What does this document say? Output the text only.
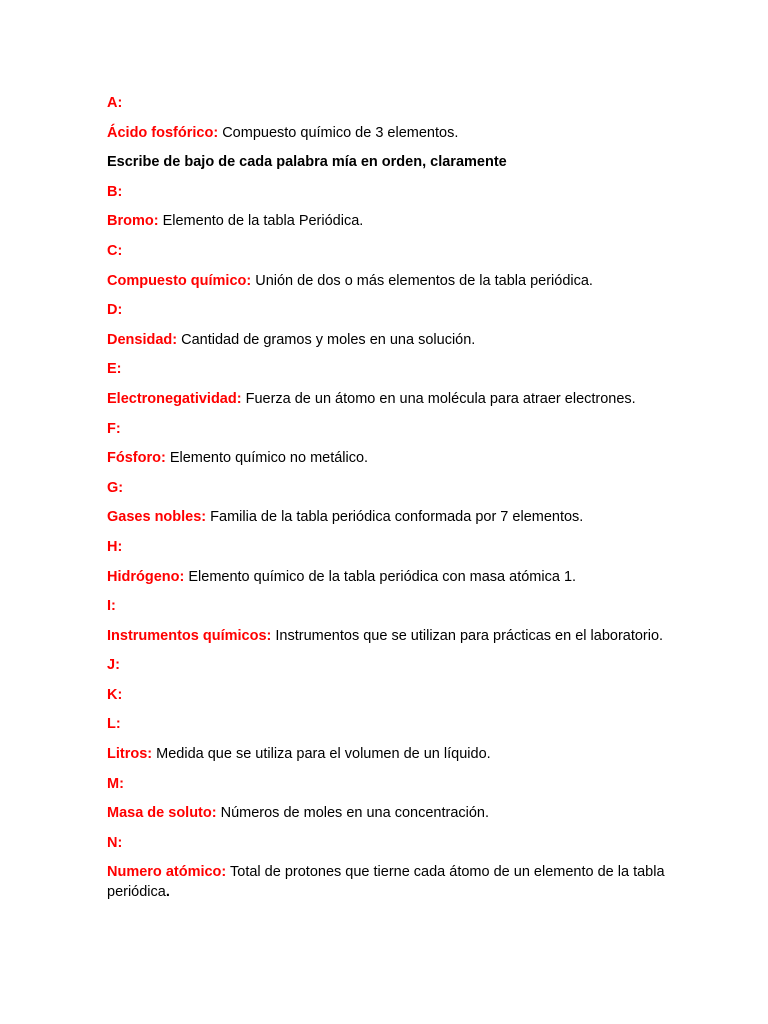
A:
Ácido fosfórico: Compuesto químico de 3 elementos.
Escribe de bajo de cada palabra mía en orden, claramente
B:
Bromo: Elemento de la tabla Periódica.
C:
Compuesto químico: Unión de dos o más elementos de la tabla periódica.
D:
Densidad: Cantidad de gramos y moles en una solución.
E:
Electronegatividad: Fuerza de un átomo en una molécula para atraer electrones.
F:
Fósforo: Elemento químico no metálico.
G:
Gases nobles: Familia de la tabla periódica conformada por 7 elementos.
H:
Hidrógeno: Elemento químico de la tabla periódica con masa atómica 1.
I:
Instrumentos químicos: Instrumentos que se utilizan para prácticas en el laboratorio.
J:
K:
L:
Litros: Medida que se utiliza para el volumen de un líquido.
M:
Masa de soluto: Números de moles en una concentración.
N:
Numero atómico: Total de protones que tierne cada átomo de un elemento de la tabla periódica.
